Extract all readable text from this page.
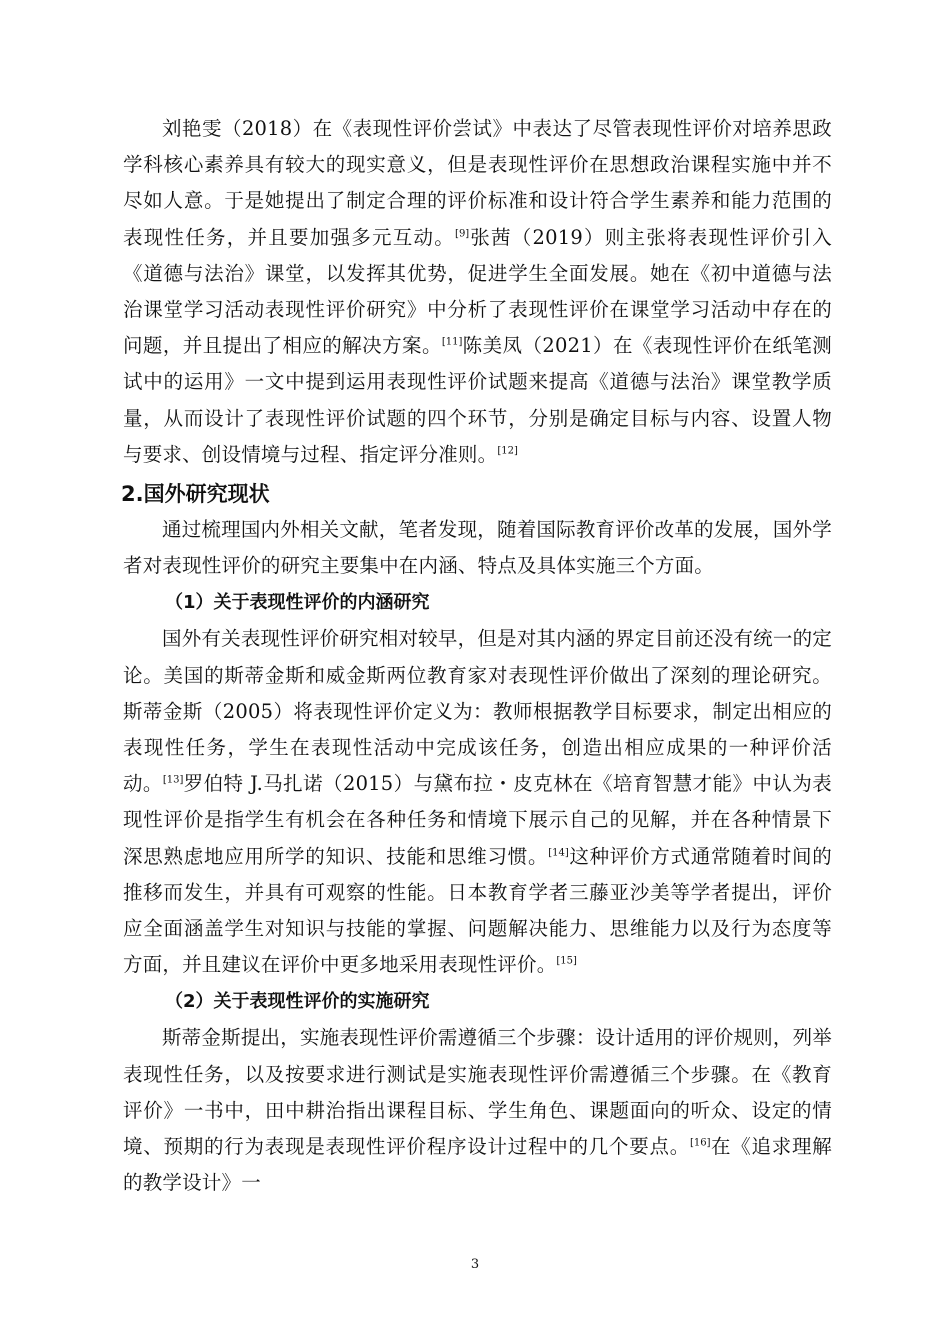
刘艳雯（2018）在《表现性评价尝试》中表达了尽管表现性评价对培养思政学科核心素养具有较大的现实意义，但是表现性评价在思想政治课程实施中并不尽如人意。于是她提出了制定合理的评价标准和设计符合学生素养和能力范围的表现性任务，并且要加强多元互动。[9]张茜（2019）则主张将表现性评价引入《道德与法治》课堂，以发挥其优势，促进学生全面发展。她在《初中道德与法治课堂学习活动表现性评价研究》中分析了表现性评价在课堂学习活动中存在的问题，并且提出了相应的解决方案。[11]陈美凤（2021）在《表现性评价在纸笔测试中的运用》一文中提到运用表现性评价试题来提高《道德与法治》课堂教学质量，从而设计了表现性评价试题的四个环节，分别是确定目标与内容、设置人物与要求、创设情境与过程、指定评分准则。[12]

2.国外研究现状

通过梳理国内外相关文献，笔者发现，随着国际教育评价改革的发展，国外学者对表现性评价的研究主要集中在内涵、特点及具体实施三个方面。

（1）关于表现性评价的内涵研究

国外有关表现性评价研究相对较早，但是对其内涵的界定目前还没有统一的定论。美国的斯蒂金斯和威金斯两位教育家对表现性评价做出了深刻的理论研究。斯蒂金斯（2005）将表现性评价定义为：教师根据教学目标要求，制定出相应的表现性任务，学生在表现性活动中完成该任务，创造出相应成果的一种评价活动。[13]罗伯特 J.马扎诺（2015）与黛布拉・皮克林在《培育智慧才能》中认为表现性评价是指学生有机会在各种任务和情境下展示自己的见解，并在各种情景下深思熟虑地应用所学的知识、技能和思维习惯。[14]这种评价方式通常随着时间的推移而发生，并具有可观察的性能。日本教育学者三藤亚沙美等学者提出，评价应全面涵盖学生对知识与技能的掌握、问题解决能力、思维能力以及行为态度等方面，并且建议在评价中更多地采用表现性评价。[15]

（2）关于表现性评价的实施研究

斯蒂金斯提出，实施表现性评价需遵循三个步骤：设计适用的评价规则，列举表现性任务，以及按要求进行测试是实施表现性评价需遵循三个步骤。在《教育评价》一书中，田中耕治指出课程目标、学生角色、课题面向的听众、设定的情境、预期的行为表现是表现性评价程序设计过程中的几个要点。[16]在《追求理解的教学设计》一

3
